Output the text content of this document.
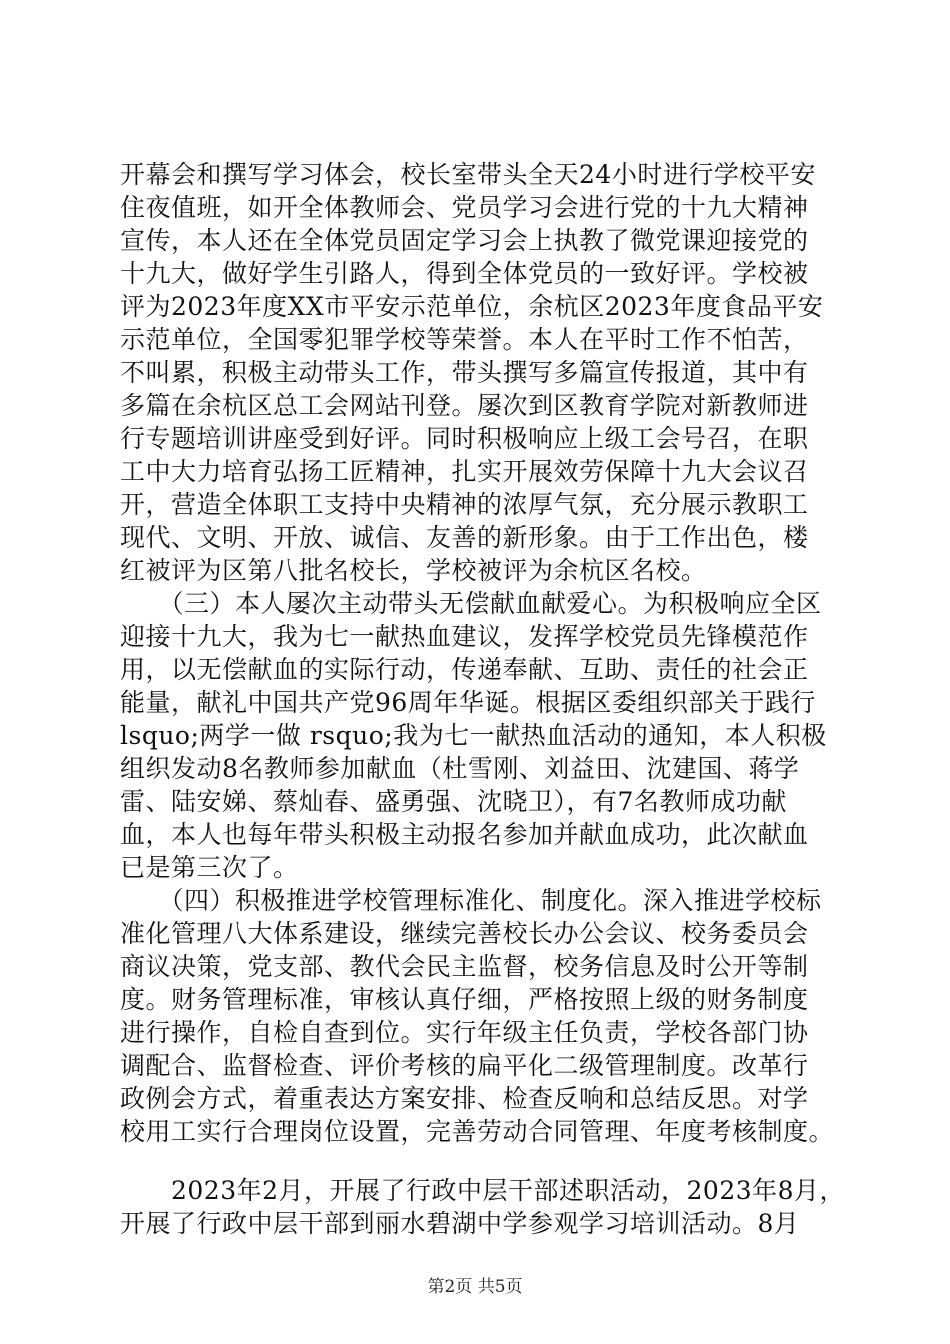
开幕会和撰写学习体会，校长室带头全天24小时进行学校平安
住夜值班，如开全体教师会、党员学习会进行党的十九大精神
宣传，本人还在全体党员固定学习会上执教了微党课迎接党的
十九大，做好学生引路人，得到全体党员的一致好评。学校被
评为2023年度XX市平安示范单位，余杭区2023年度食品平安
示范单位，全国零犯罪学校等荣誉。本人在平时工作不怕苦，
不叫累，积极主动带头工作，带头撰写多篇宣传报道，其中有
多篇在余杭区总工会网站刊登。屡次到区教育学院对新教师进
行专题培训讲座受到好评。同时积极响应上级工会号召，在职
工中大力培育弘扬工匠精神，扎实开展效劳保障十九大会议召
开，营造全体职工支持中央精神的浓厚气氛，充分展示教职工
现代、文明、开放、诚信、友善的新形象。由于工作出色，楼
红被评为区第八批名校长，学校被评为余杭区名校。
　　（三）本人屡次主动带头无偿献血献爱心。为积极响应全区
迎接十九大，我为七一献热血建议，发挥学校党员先锋模范作
用，以无偿献血的实际行动，传递奉献、互助、责任的社会正
能量，献礼中国共产党96周年华诞。根据区委组织部关于践行
lsquo;两学一做 rsquo;我为七一献热血活动的通知，本人积极
组织发动8名教师参加献血（杜雪刚、刘益田、沈建国、蒋学
雷、陆安娣、蔡灿春、盛勇强、沈晓卫），有7名教师成功献
血，本人也每年带头积极主动报名参加并献血成功，此次献血
已是第三次了。
　　（四）积极推进学校管理标准化、制度化。深入推进学校标
准化管理八大体系建设，继续完善校长办公会议、校务委员会
商议决策，党支部、教代会民主监督，校务信息及时公开等制
度。财务管理标准，审核认真仔细，严格按照上级的财务制度
进行操作，自检自查到位。实行年级主任负责，学校各部门协
调配合、监督检查、评价考核的扁平化二级管理制度。改革行
政例会方式，着重表达方案安排、检查反响和总结反思。对学
校用工实行合理岗位设置，完善劳动合同管理、年度考核制度。
　　2023年2月，开展了行政中层干部述职活动，2023年8月，
开展了行政中层干部到丽水碧湖中学参观学习培训活动。8月
第2页 共5页
